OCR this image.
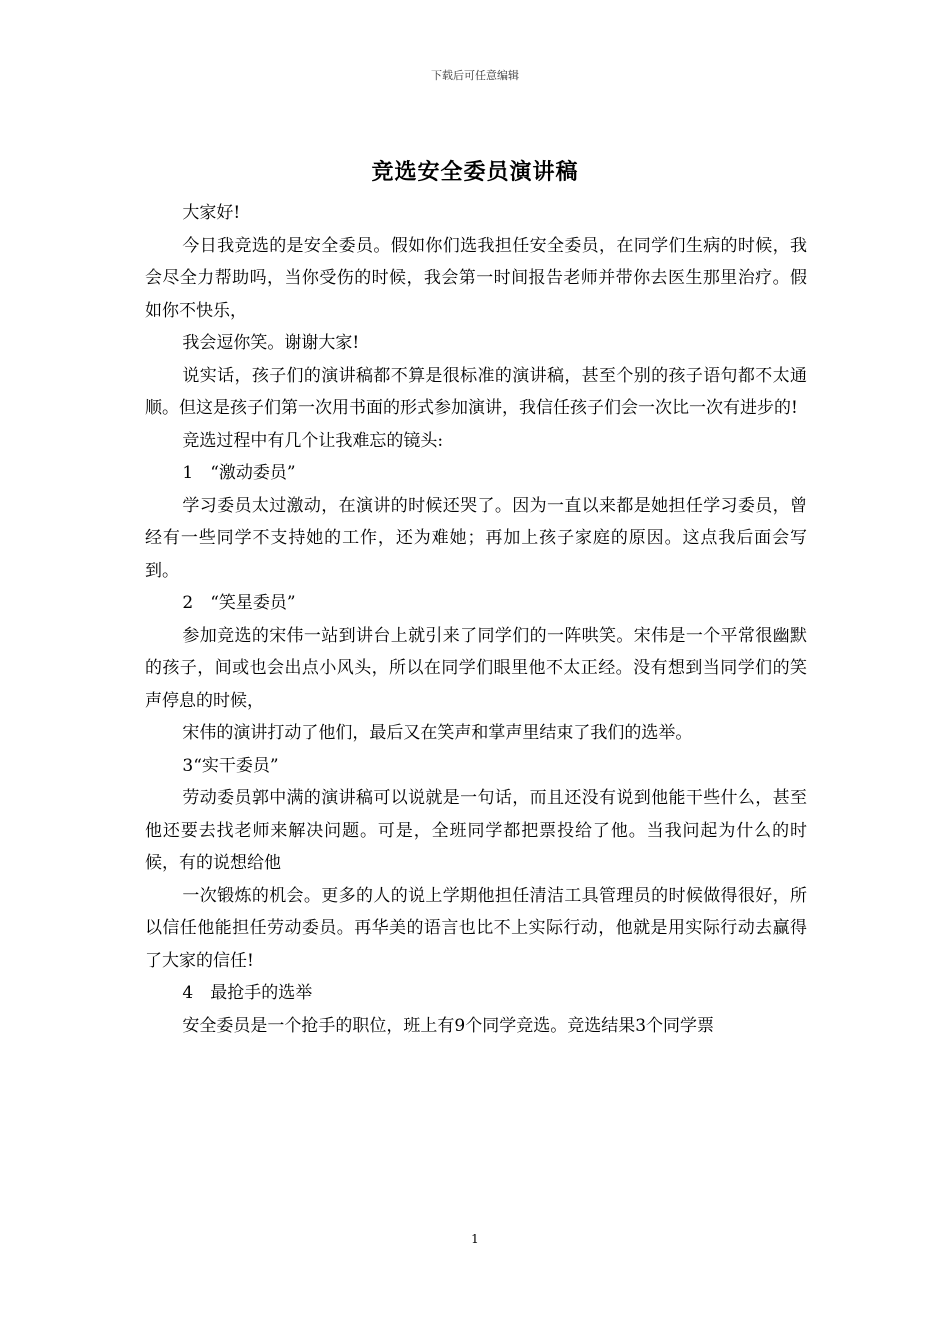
下载后可任意编辑
竞选安全委员演讲稿

大家好!

今日我竞选的是安全委员。假如你们选我担任安全委员，在同学们生病的时候，我会尽全力帮助吗，当你受伤的时候，我会第一时间报告老师并带你去医生那里治疗。假如你不快乐，

我会逗你笑。谢谢大家!

说实话，孩子们的演讲稿都不算是很标准的演讲稿，甚至个别的孩子语句都不太通顺。但这是孩子们第一次用书面的形式参加演讲，我信任孩子们会一次比一次有进步的!

竞选过程中有几个让我难忘的镜头:

1　“激动委员”

学习委员太过激动，在演讲的时候还哭了。因为一直以来都是她担任学习委员，曾经有一些同学不支持她的工作，还为难她；再加上孩子家庭的原因。这点我后面会写到。

2　“笑星委员”

参加竞选的宋伟一站到讲台上就引来了同学们的一阵哄笑。宋伟是一个平常很幽默的孩子，间或也会出点小风头，所以在同学们眼里他不太正经。没有想到当同学们的笑声停息的时候，

宋伟的演讲打动了他们，最后又在笑声和掌声里结束了我们的选举。

3“实干委员”

劳动委员郭中满的演讲稿可以说就是一句话，而且还没有说到他能干些什么，甚至他还要去找老师来解决问题。可是，全班同学都把票投给了他。当我问起为什么的时候，有的说想给他

一次锻炼的机会。更多的人的说上学期他担任清洁工具管理员的时候做得很好，所以信任他能担任劳动委员。再华美的语言也比不上实际行动，他就是用实际行动去赢得了大家的信任!

4　最抢手的选举

安全委员是一个抢手的职位，班上有9个同学竞选。竞选结果3个同学票

1
